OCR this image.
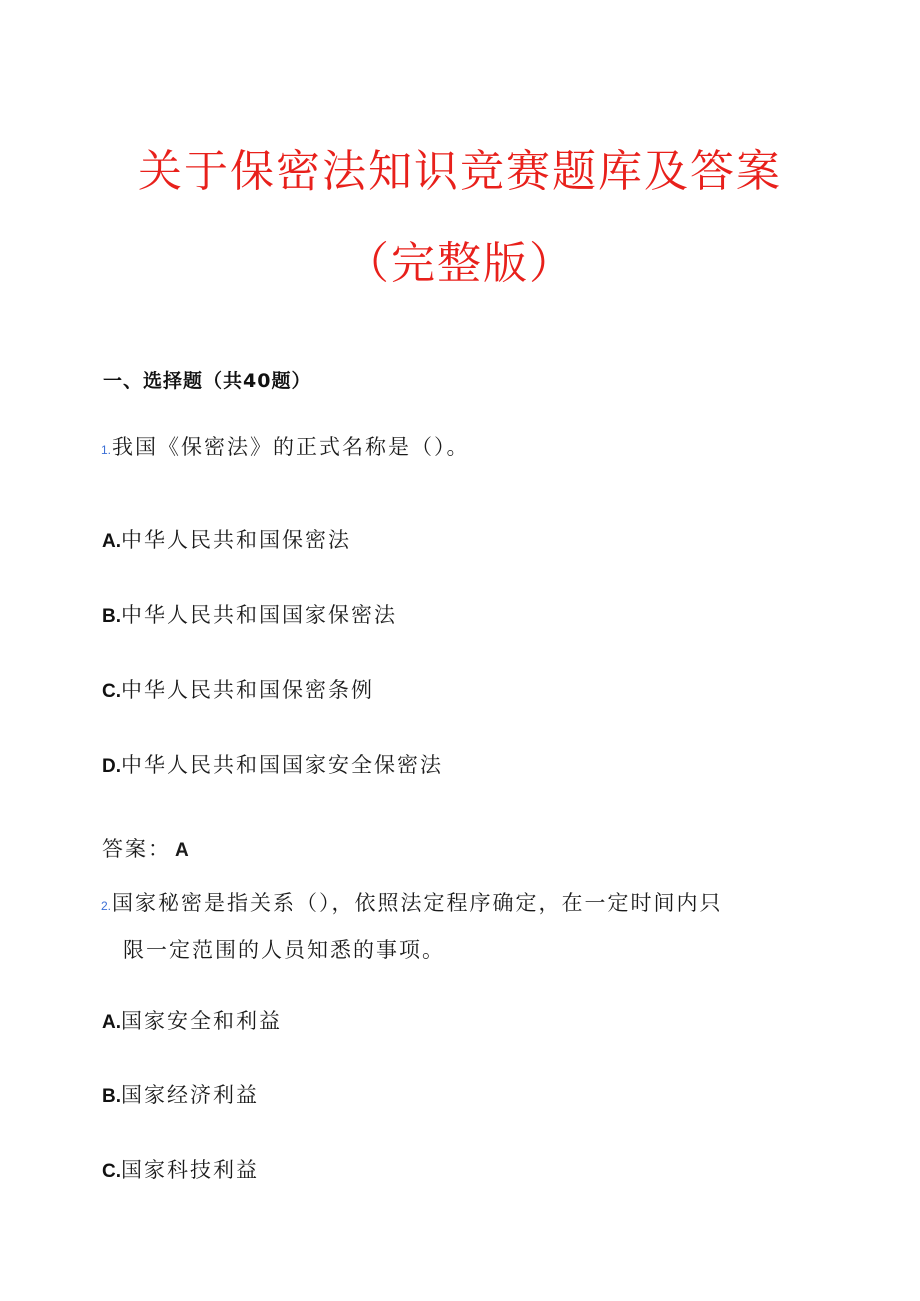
关于保密法知识竞赛题库及答案
（完整版）
一、选择题（共40题）
1.我国《保密法》的正式名称是（）。
A.中华人民共和国保密法
B.中华人民共和国国家保密法
C.中华人民共和国保密条例
D.中华人民共和国国家安全保密法
答案： A
2.国家秘密是指关系（），依照法定程序确定，在一定时间内只
限一定范围的人员知悉的事项。
A.国家安全和利益
B.国家经济利益
C.国家科技利益
